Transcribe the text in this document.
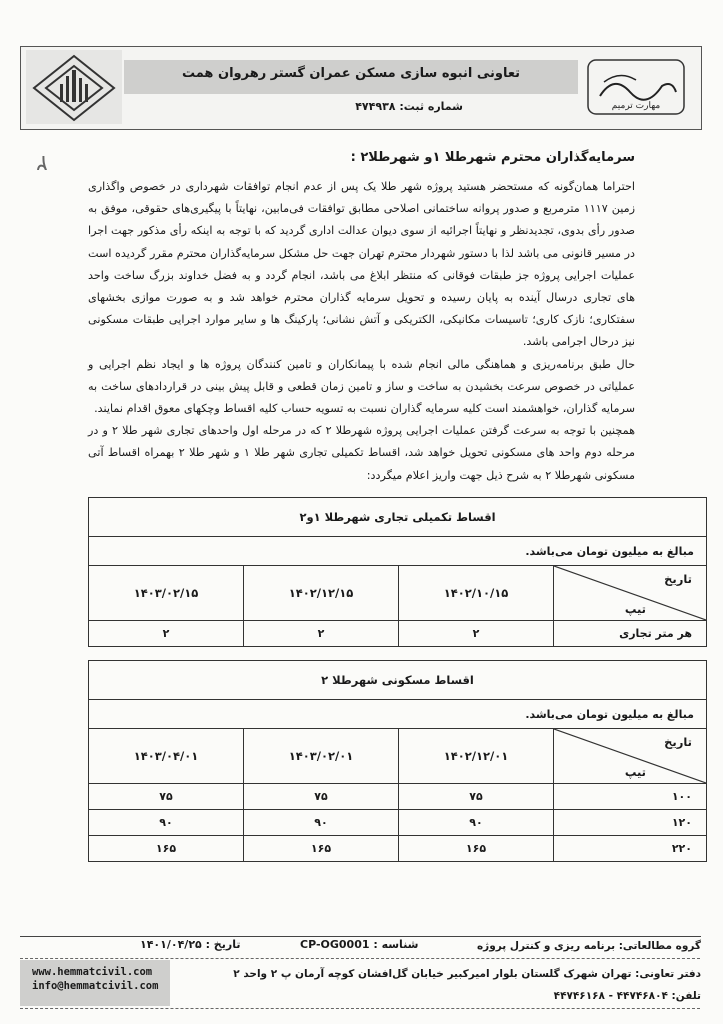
تعاونی انبوه سازی مسکن عمران گستر رهروان همت
شماره ثبت: ۴۷۴۹۳۸	مهارت ترمیم
۲	سرمایه‌گذاران محترم شهرطلا ۱و شهرطلا۲ :

احتراما همان‌گونه که مستحضر هستید پروژه شهر طلا یک پس از عدم انجام توافقات شهرداری در خصوص واگذاری زمین ۱۱۱۷ مترمربع و صدور پروانه ساختمانی اصلاحی مطابق توافقات فی‌مابین، نهایتاً با پیگیری‌های حقوقی، موفق به صدور رأی بدوی، تجدیدنظر و نهایتاً اجرائیه از سوی دیوان عدالت اداری گردید که با توجه به اینکه رأی مذکور جهت اجرا در مسیر قانونی می باشد لذا با دستور شهردار محترم تهران جهت حل مشکل سرمایه‌گذاران محترم مقرر گردیده است عملیات اجرایی پروژه جز طبقات فوقانی که منتظر ابلاغ می باشد، انجام گردد و به فضل خداوند بزرگ ساخت واحد های تجاری درسال آینده به پایان رسیده و تحویل سرمایه گذاران محترم خواهد شد و به صورت موازی بخشهای سفتکاری؛ نازک کاری؛ تاسیسات مکانیکی، الکتریکی و آتش نشانی؛ پارکینگ ها و سایر موارد اجرایی طبقات مسکونی نیز درحال اجرامی باشد.

حال طبق برنامه‌ریزی و هماهنگی مالی انجام شده با پیمانکاران و تامین کنندگان پروژه ها و ایجاد نظم اجرایی و عملیاتی در خصوص سرعت بخشیدن به ساخت و ساز و تامین زمان قطعی و قابل پیش بینی در قراردادهای ساخت به سرمایه گذاران، خواهشمند است کلیه سرمایه گذاران نسبت به تسویه حساب کلیه اقساط وچکهای معوق اقدام نمایند.

همچنین با توجه به سرعت گرفتن عملیات اجرایی پروژه شهرطلا ۲ که در مرحله اول واحدهای تجاری شهر طلا ۲ و در مرحله دوم واحد های مسکونی تحویل خواهد شد، اقساط تکمیلی تجاری شهر طلا ۱ و شهر طلا ۲ بهمراه اقساط آتی مسکونی شهرطلا ۲ به شرح ذیل جهت واریز اعلام میگردد:

اقساط تکمیلی تجاری شهرطلا ۱و۲			
مبالغ به میلیون تومان می‌باشد.			

تاریخ
تیپ	۱۴۰۲/۱۰/۱۵	۱۴۰۲/۱۲/۱۵	۱۴۰۳/۰۲/۱۵
هر متر تجاری	۲	۲	۲
اقساط مسکونی شهرطلا ۲			
مبالغ به میلیون تومان می‌باشد.			

تاریخ
تیپ	۱۴۰۲/۱۲/۰۱	۱۴۰۳/۰۲/۰۱	۱۴۰۳/۰۴/۰۱
۱۰۰	۷۵	۷۵	۷۵
۱۲۰	۹۰	۹۰	۹۰
۲۲۰	۱۶۵	۱۶۵	۱۶۵
گروه مطالعاتی: برنامه ریزی و کنترل پروژه
شناسه : CP-OG0001
تاریخ : ۱۴۰۱/۰۴/۲۵
www.hemmatcivil.com
info@hemmatcivil.com
دفتر تعاونی: تهران شهرک گلستان بلوار امیرکبیر خیابان گل‌افشان کوچه آرمان پ ۲ واحد ۲
تلفن: ۴۴۷۴۶۸۰۴ - ۴۴۷۴۶۱۶۸
